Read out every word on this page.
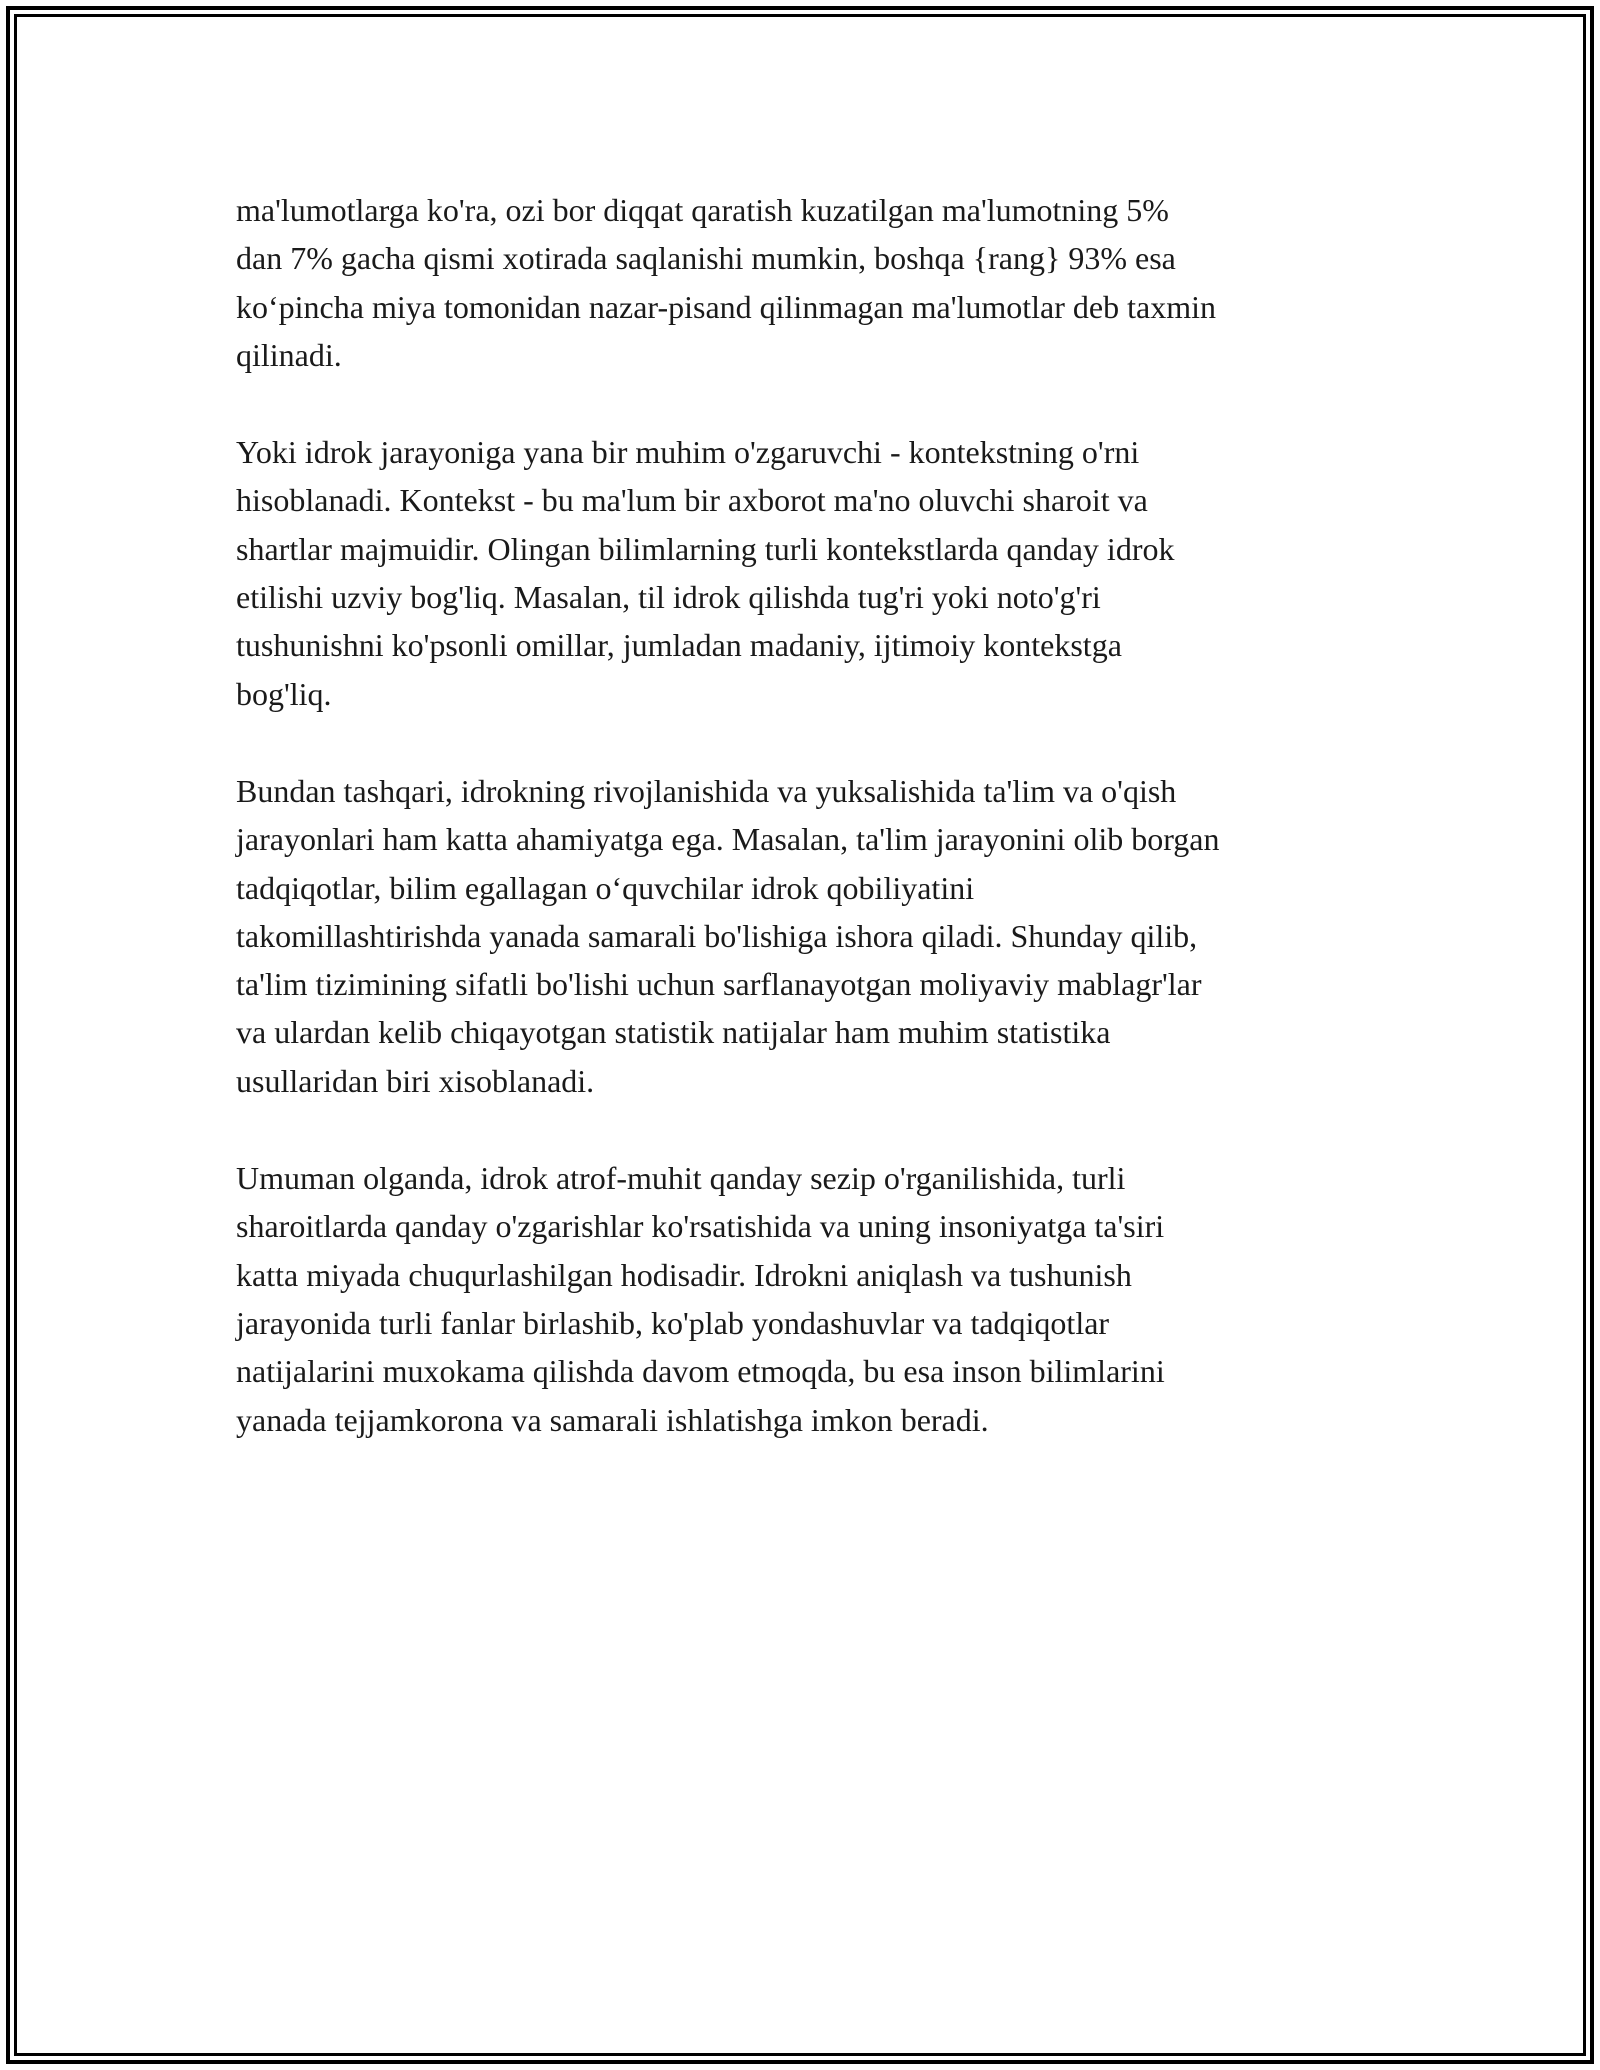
ma'lumotlarga ko'ra, ozi bor diqqat qaratish kuzatilgan ma'lumotning 5%
dan 7% gacha qismi xotirada saqlanishi mumkin, boshqa {rang} 93% esa
ko‘pincha miya tomonidan nazar-pisand qilinmagan ma'lumotlar deb taxmin
qilinadi.

Yoki idrok jarayoniga yana bir muhim o'zgaruvchi - kontekstning o'rni
hisoblanadi. Kontekst - bu ma'lum bir axborot ma'no oluvchi sharoit va
shartlar majmuidir. Olingan bilimlarning turli kontekstlarda qanday idrok
etilishi uzviy bog'liq. Masalan, til idrok qilishda tug'ri yoki noto'g'ri
tushunishni ko'psonli omillar, jumladan madaniy, ijtimoiy kontekstga
bog'liq.

Bundan tashqari, idrokning rivojlanishida va yuksalishida ta'lim va o'qish
jarayonlari ham katta ahamiyatga ega. Masalan, ta'lim jarayonini olib borgan
tadqiqotlar, bilim egallagan o‘quvchilar idrok qobiliyatini
takomillashtirishda yanada samarali bo'lishiga ishora qiladi. Shunday qilib,
ta'lim tizimining sifatli bo'lishi uchun sarflanayotgan moliyaviy mablagr'lar
va ulardan kelib chiqayotgan statistik natijalar ham muhim statistika
usullaridan biri xisoblanadi.

Umuman olganda, idrok atrof-muhit qanday sezip o'rganilishida, turli
sharoitlarda qanday o'zgarishlar ko'rsatishida va uning insoniyatga ta'siri
katta miyada chuqurlashilgan hodisadir. Idrokni aniqlash va tushunish
jarayonida turli fanlar birlashib, ko'plab yondashuvlar va tadqiqotlar
natijalarini muxokama qilishda davom etmoqda, bu esa inson bilimlarini
yanada tejjamkorona va samarali ishlatishga imkon beradi.
